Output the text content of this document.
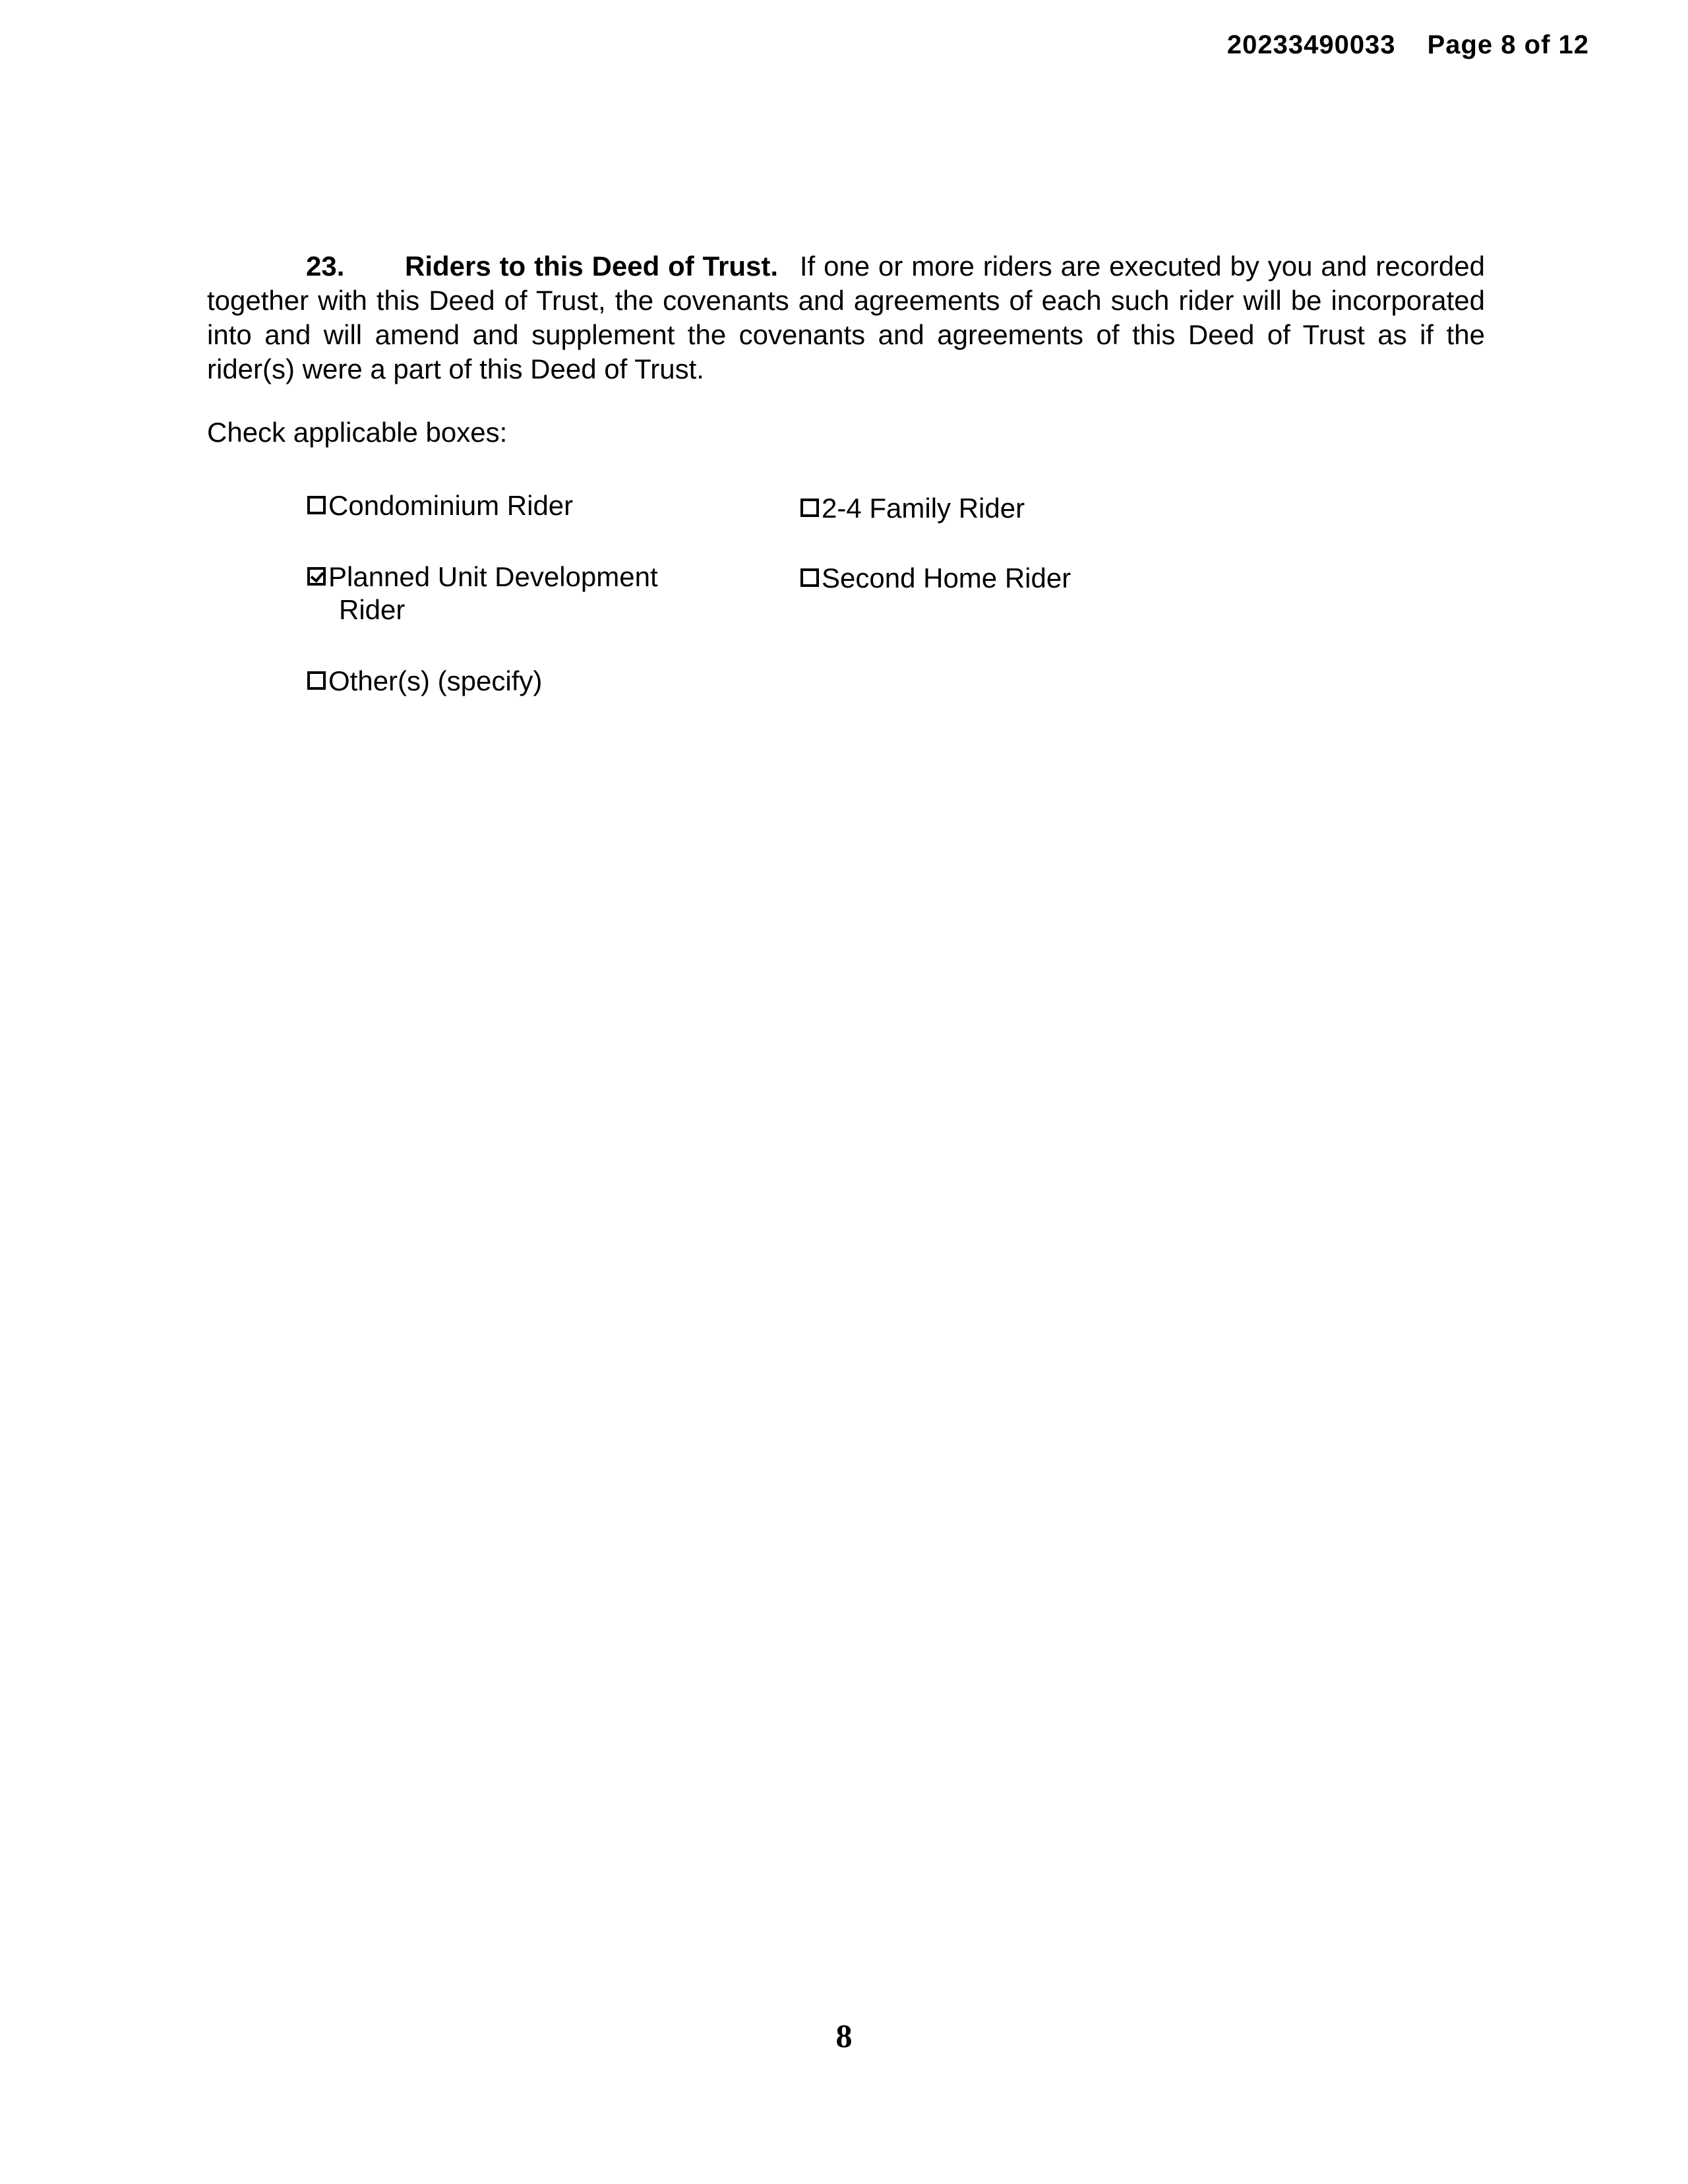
20233490033 Page 8 of 12
23. Riders to this Deed of Trust. If one or more riders are executed by you and recorded together with this Deed of Trust, the covenants and agreements of each such rider will be incorporated into and will amend and supplement the covenants and agreements of this Deed of Trust as if the rider(s) were a part of this Deed of Trust.
Check applicable boxes:
Condominium Rider	2-4 Family Rider
Planned Unit Development
Rider
Second Home Rider
Other(s) (specify)
8
